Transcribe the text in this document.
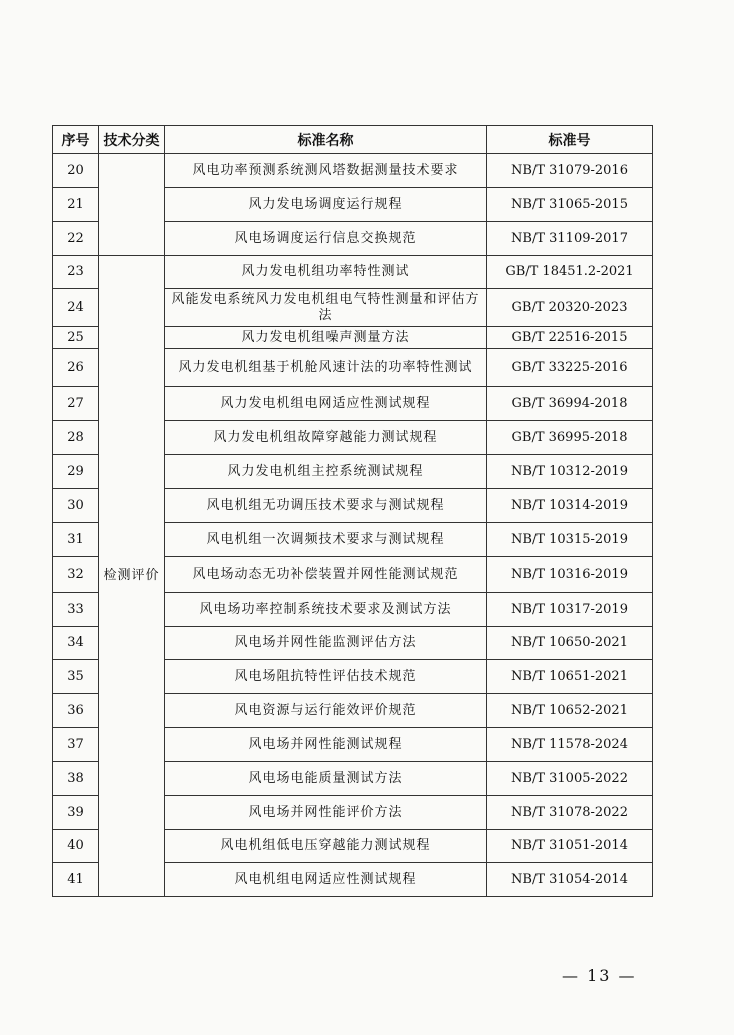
序号	技术分类	标准名称	标准号
20		风电功率预测系统测风塔数据测量技术要求	NB/T 31079-2016
21		风力发电场调度运行规程	NB/T 31065-2015
22		风电场调度运行信息交换规范	NB/T 31109-2017
23	检测评价	风力发电机组功率特性测试	GB/T 18451.2-2021
24		风能发电系统风力发电机组电气特性测量和评估方法	GB/T 20320-2023
25		风力发电机组噪声测量方法	GB/T 22516-2015
26		风力发电机组基于机舱风速计法的功率特性测试	GB/T 33225-2016
27		风力发电机组电网适应性测试规程	GB/T 36994-2018
28		风力发电机组故障穿越能力测试规程	GB/T 36995-2018
29		风力发电机组主控系统测试规程	NB/T 10312-2019
30		风电机组无功调压技术要求与测试规程	NB/T 10314-2019
31		风电机组一次调频技术要求与测试规程	NB/T 10315-2019
32		风电场动态无功补偿装置并网性能测试规范	NB/T 10316-2019
33		风电场功率控制系统技术要求及测试方法	NB/T 10317-2019
34		风电场并网性能监测评估方法	NB/T 10650-2021
35		风电场阻抗特性评估技术规范	NB/T 10651-2021
36		风电资源与运行能效评价规范	NB/T 10652-2021
37		风电场并网性能测试规程	NB/T 11578-2024
38		风电场电能质量测试方法	NB/T 31005-2022
39		风电场并网性能评价方法	NB/T 31078-2022
40		风电机组低电压穿越能力测试规程	NB/T 31051-2014
41		风电机组电网适应性测试规程	NB/T 31054-2014
— 13 —
